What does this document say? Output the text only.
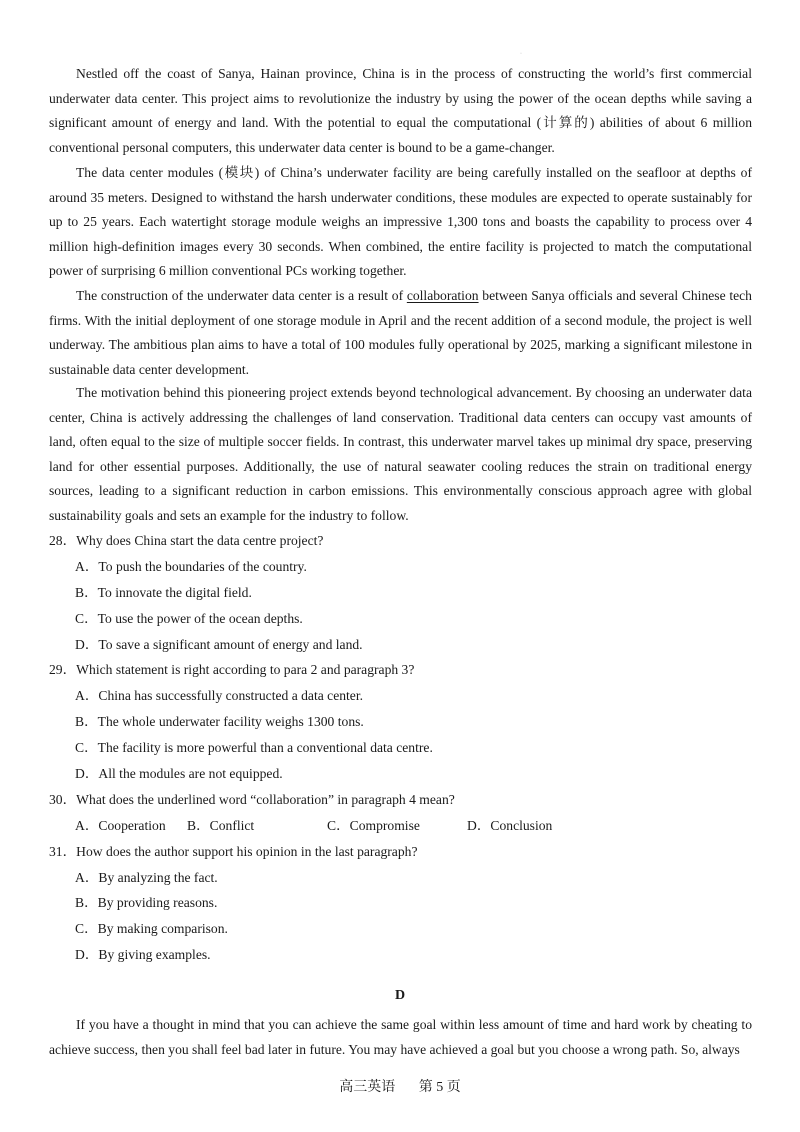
·

Nestled off the coast of Sanya, Hainan province, China is in the process of constructing the world’s first commercial underwater data center. This project aims to revolutionize the industry by using the power of the ocean depths while saving a significant amount of energy and land. With the potential to equal the computational (计算的) abilities of about 6 million conventional personal computers, this underwater data center is bound to be a game-changer.

The data center modules (模块) of China’s underwater facility are being carefully installed on the seafloor at depths of around 35 meters. Designed to withstand the harsh underwater conditions, these modules are expected to operate sustainably for up to 25 years. Each watertight storage module weighs an impressive 1,300 tons and boasts the capability to process over 4 million high-definition images every 30 seconds. When combined, the entire facility is projected to match the computational power of surprising 6 million conventional PCs working together.

The construction of the underwater data center is a result of collaboration between Sanya officials and several Chinese tech firms. With the initial deployment of one storage module in April and the recent addition of a second module, the project is well underway. The ambitious plan aims to have a total of 100 modules fully operational by 2025, marking a significant milestone in sustainable data center development.

The motivation behind this pioneering project extends beyond technological advancement. By choosing an underwater data center, China is actively addressing the challenges of land conservation. Traditional data centers can occupy vast amounts of land, often equal to the size of multiple soccer fields. In contrast, this underwater marvel takes up minimal dry space, preserving land for other essential purposes. Additionally, the use of natural seawater cooling reduces the strain on traditional energy sources, leading to a significant reduction in carbon emissions. This environmentally conscious approach agree with global sustainability goals and sets an example for the industry to follow.

28．Why does China start the data centre project?

A．To push the boundaries of the country.

B．To innovate the digital field.

C．To use the power of the ocean depths.

D．To save a significant amount of energy and land.

29．Which statement is right according to para 2 and paragraph 3?

A．China has successfully constructed a data center.

B．The whole underwater facility weighs 1300 tons.

C．The facility is more powerful than a conventional data centre.

D．All the modules are not equipped.

30．What does the underlined word “collaboration” in paragraph 4 mean?

A．Cooperation B．Conflict	C．Compromise	D．Conclusion

31．How does the author support his opinion in the last paragraph?

A．By analyzing the fact.

B．By providing reasons.

C．By making comparison.

D．By giving examples.

D

If you have a thought in mind that you can achieve the same goal within less amount of time and hard work by cheating to achieve success, then you shall feel bad later in future. You may have achieved a goal but you choose a wrong path. So, always

高三英语 第 5 页
